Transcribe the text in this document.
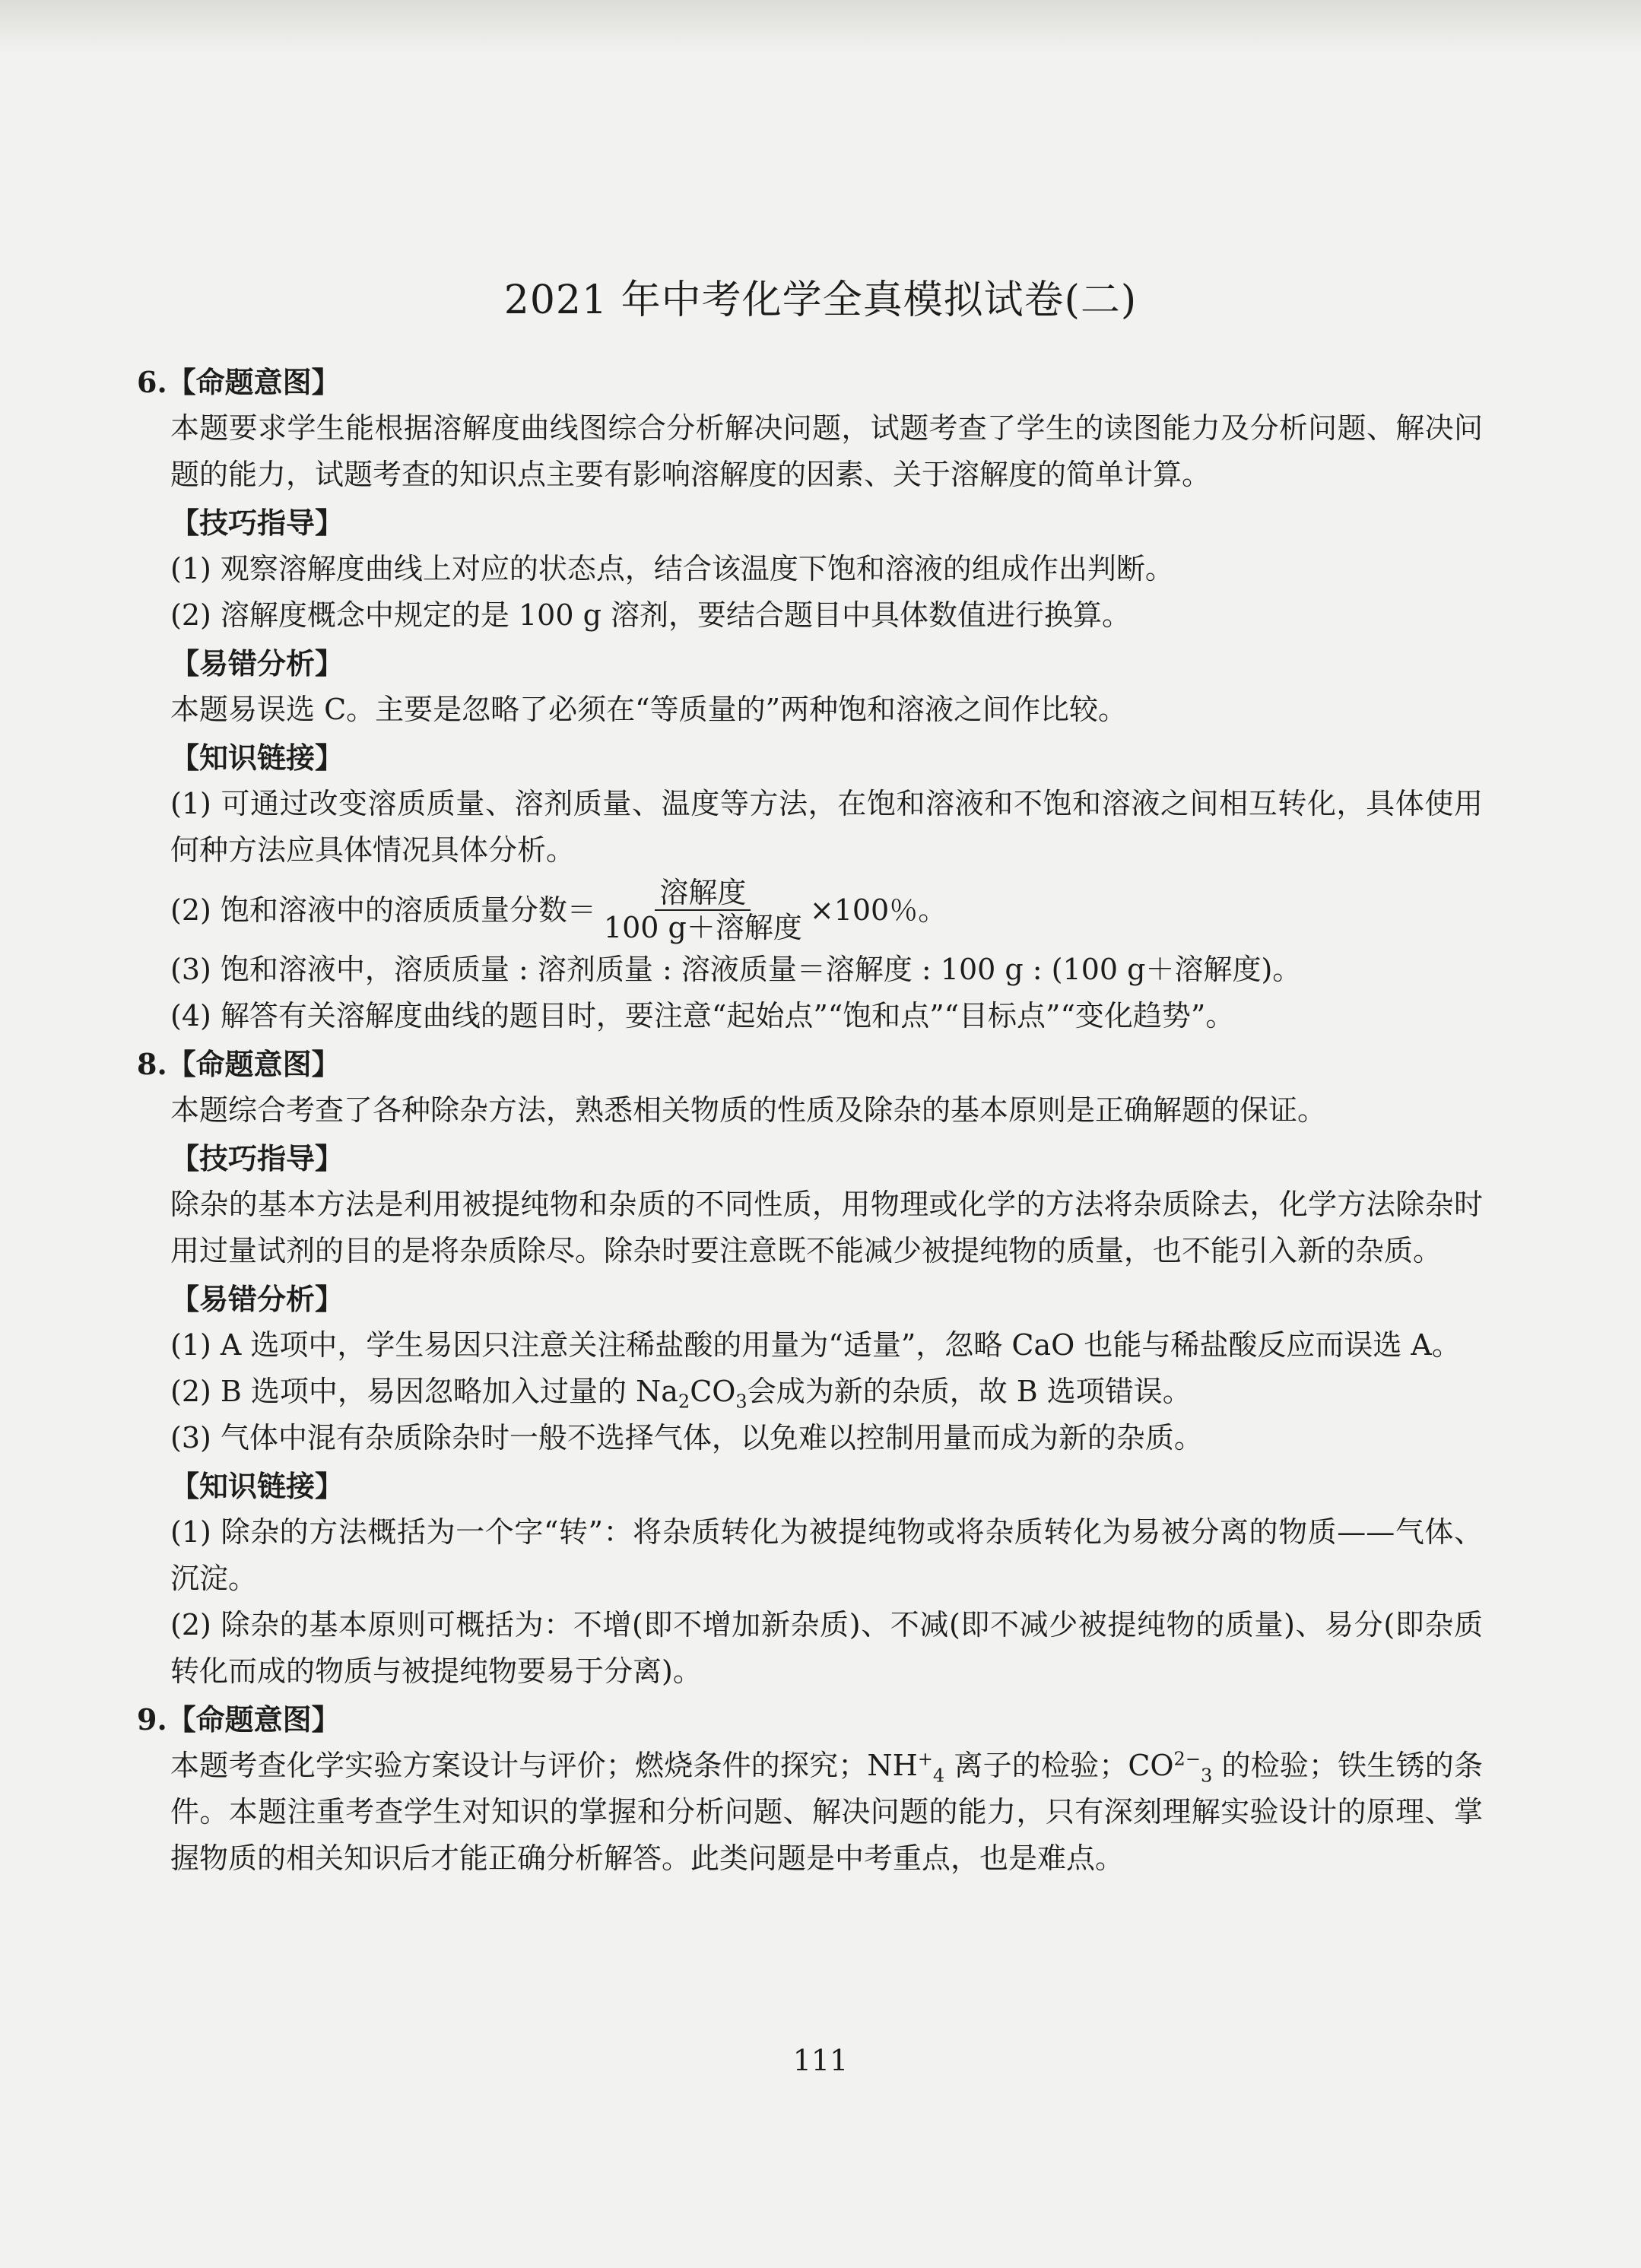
2021 年中考化学全真模拟试卷(二)
6.【命题意图】
本题要求学生能根据溶解度曲线图综合分析解决问题，试题考查了学生的读图能力及分析问题、解决问题的能力，试题考查的知识点主要有影响溶解度的因素、关于溶解度的简单计算。
【技巧指导】
(1) 观察溶解度曲线上对应的状态点，结合该温度下饱和溶液的组成作出判断。
(2) 溶解度概念中规定的是 100 g 溶剂，要结合题目中具体数值进行换算。
【易错分析】
本题易误选 C。主要是忽略了必须在“等质量的”两种饱和溶液之间作比较。
【知识链接】
(1) 可通过改变溶质质量、溶剂质量、温度等方法，在饱和溶液和不饱和溶液之间相互转化，具体使用何种方法应具体情况具体分析。
(2) 饱和溶液中的溶质质量分数＝ $\frac{\text{溶解度}}{\text{100 g＋溶解度}} \times 100$％。
(3) 饱和溶液中，溶质质量 : 溶剂质量 : 溶液质量＝溶解度 : 100 g : (100 g＋溶解度)。
(4) 解答有关溶解度曲线的题目时，要注意“起始点”“饱和点”“目标点”“变化趋势”。
8.【命题意图】
本题综合考查了各种除杂方法，熟悉相关物质的性质及除杂的基本原则是正确解题的保证。
【技巧指导】
除杂的基本方法是利用被提纯物和杂质的不同性质，用物理或化学的方法将杂质除去，化学方法除杂时用过量试剂的目的是将杂质除尽。除杂时要注意既不能减少被提纯物的质量，也不能引入新的杂质。
【易错分析】
(1) A 选项中，学生易因只注意关注稀盐酸的用量为“适量”，忽略 CaO 也能与稀盐酸反应而误选 A。
(2) B 选项中，易因忽略加入过量的 $Na_2CO_3$会成为新的杂质，故 B 选项错误。
(3) 气体中混有杂质除杂时一般不选择气体，以免难以控制用量而成为新的杂质。
【知识链接】
(1) 除杂的方法概括为一个字“转”：将杂质转化为被提纯物或将杂质转化为易被分离的物质——气体、沉淀。
(2) 除杂的基本原则可概括为：不增(即不增加新杂质)、不减(即不减少被提纯物的质量)、易分(即杂质转化而成的物质与被提纯物要易于分离)。
9.【命题意图】
本题考查化学实验方案设计与评价；燃烧条件的探究；$NH^+_4$ 离子的检验；$CO^{2-}_3$ 的检验；铁生锈的条件。本题注重考查学生对知识的掌握和分析问题、解决问题的能力，只有深刻理解实验设计的原理、掌握物质的相关知识后才能正确分析解答。此类问题是中考重点，也是难点。
111
